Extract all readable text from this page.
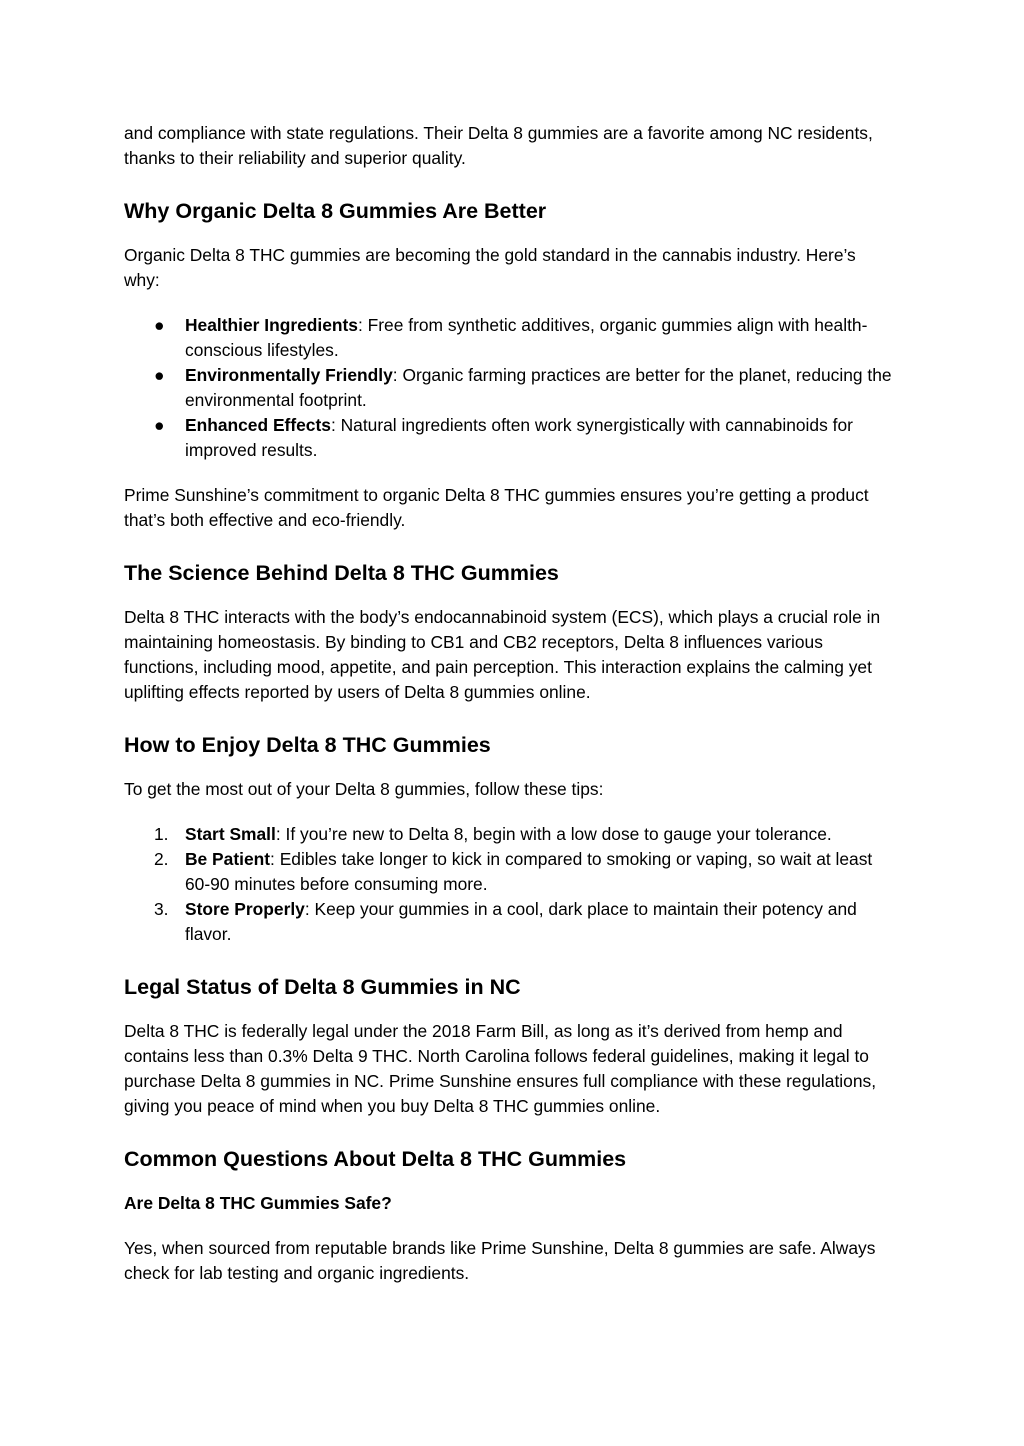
and compliance with state regulations. Their Delta 8 gummies are a favorite among NC residents, thanks to their reliability and superior quality.

Why Organic Delta 8 Gummies Are Better

Organic Delta 8 THC gummies are becoming the gold standard in the cannabis industry. Here’s why:

● Healthier Ingredients: Free from synthetic additives, organic gummies align with health-conscious lifestyles.
● Environmentally Friendly: Organic farming practices are better for the planet, reducing the environmental footprint.
● Enhanced Effects: Natural ingredients often work synergistically with cannabinoids for improved results.

Prime Sunshine’s commitment to organic Delta 8 THC gummies ensures you’re getting a product that’s both effective and eco-friendly.

The Science Behind Delta 8 THC Gummies

Delta 8 THC interacts with the body’s endocannabinoid system (ECS), which plays a crucial role in maintaining homeostasis. By binding to CB1 and CB2 receptors, Delta 8 influences various functions, including mood, appetite, and pain perception. This interaction explains the calming yet uplifting effects reported by users of Delta 8 gummies online.

How to Enjoy Delta 8 THC Gummies

To get the most out of your Delta 8 gummies, follow these tips:

1. Start Small: If you’re new to Delta 8, begin with a low dose to gauge your tolerance.
2. Be Patient: Edibles take longer to kick in compared to smoking or vaping, so wait at least 60-90 minutes before consuming more.
3. Store Properly: Keep your gummies in a cool, dark place to maintain their potency and flavor.
Legal Status of Delta 8 Gummies in NC

Delta 8 THC is federally legal under the 2018 Farm Bill, as long as it’s derived from hemp and contains less than 0.3% Delta 9 THC. North Carolina follows federal guidelines, making it legal to purchase Delta 8 gummies in NC. Prime Sunshine ensures full compliance with these regulations, giving you peace of mind when you buy Delta 8 THC gummies online.

Common Questions About Delta 8 THC Gummies
Are Delta 8 THC Gummies Safe?

Yes, when sourced from reputable brands like Prime Sunshine, Delta 8 gummies are safe. Always check for lab testing and organic ingredients.
